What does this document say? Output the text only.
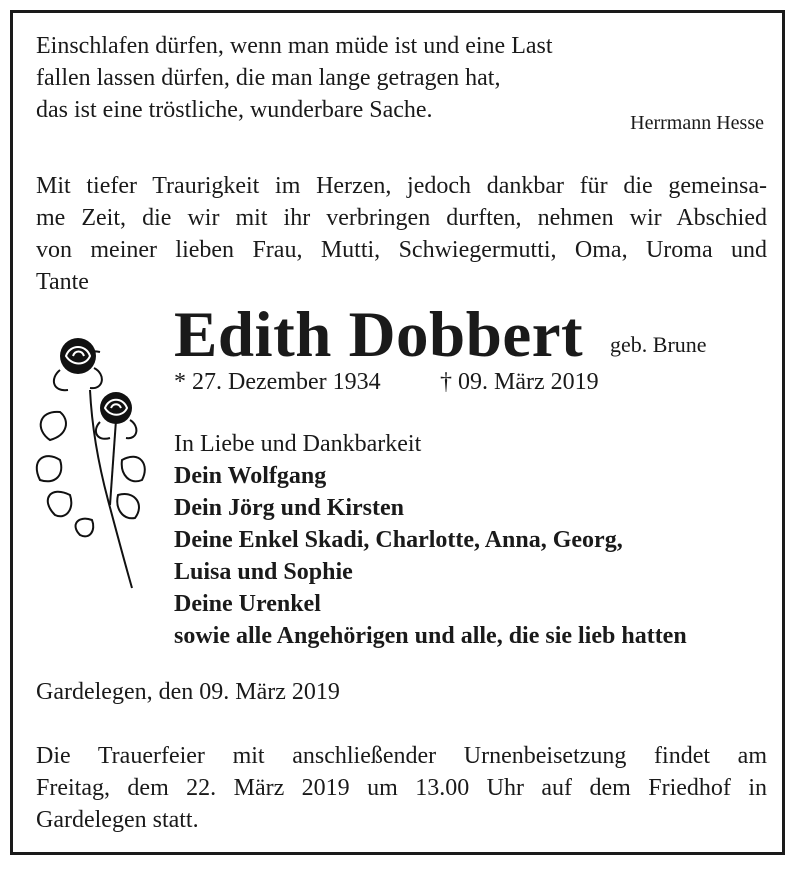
Einschlafen dürfen, wenn man müde ist und eine Last
fallen lassen dürfen, die man lange getragen hat,
das ist eine tröstliche, wunderbare Sache.	Herrmann Hesse
Mit tiefer Traurigkeit im Herzen, jedoch dankbar für die gemeinsa-
me Zeit, die wir mit ihr verbringen durften, nehmen wir Abschied
von meiner lieben Frau, Mutti, Schwiegermutti, Oma, Uroma und
Tante
Edith Dobbert geb. Brune
* 27. Dezember 1934 † 09. März 2019
In Liebe und Dankbarkeit
Dein Wolfgang
Dein Jörg und Kirsten
Deine Enkel Skadi, Charlotte, Anna, Georg,
Luisa und Sophie
Deine Urenkel
sowie alle Angehörigen und alle, die sie lieb hatten
Gardelegen, den 09. März 2019
Die Trauerfeier mit anschließender Urnenbeisetzung findet am
Freitag, dem 22. März 2019 um 13.00 Uhr auf dem Friedhof in
Gardelegen statt.
